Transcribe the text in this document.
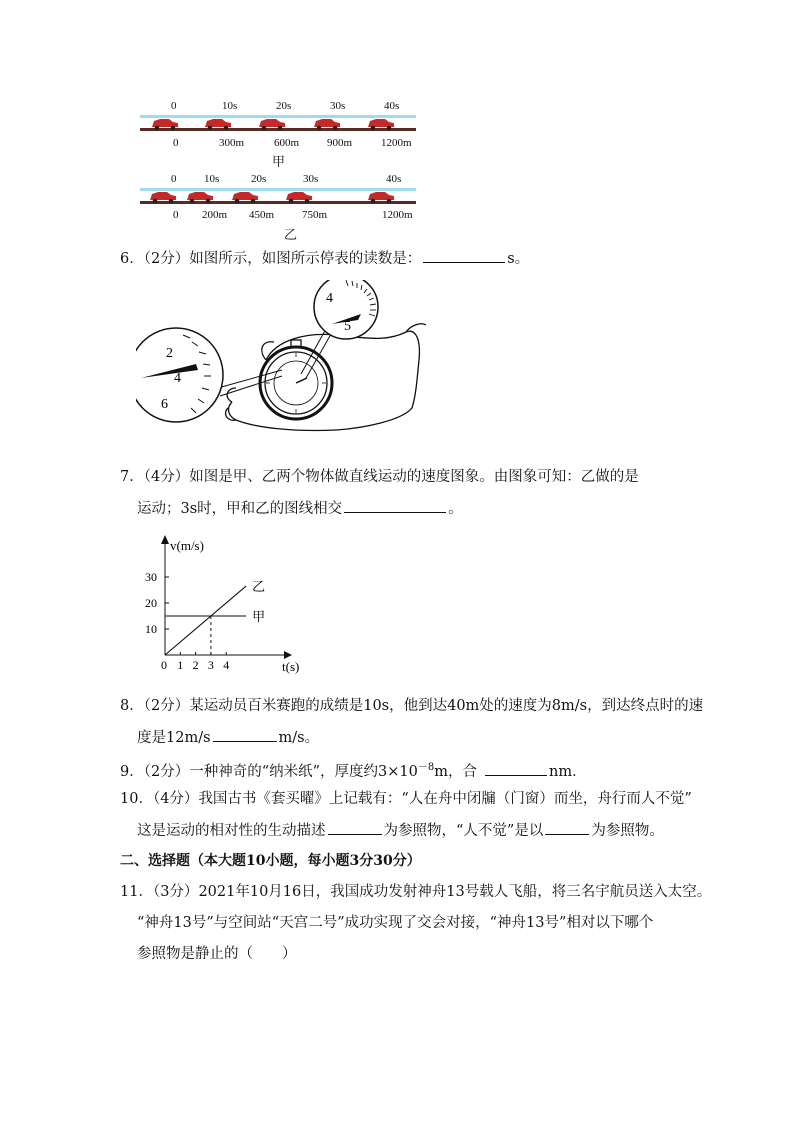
0	10s	20s	30s	40s
0	300m	600m	900m	1200m
甲
0	10s	20s	30s	40s
0 200m 450m	750m	1200m
乙
6．（2分）如图所示，如图所示停表的读数是：	s。
2
4
6
4
5
7．（4分）如图是甲、乙两个物体做直线运动的速度图象。由图象可知：乙做的是
运动；3s时，甲和乙的图线相交	。
v(m/s)
t(s)
0 1 2 3 4
10
20
30
甲
乙
8．（2分）某运动员百米赛跑的成绩是10s，他到达40m处的速度为8m/s，到达终点时的速
度是12m/s	m/s。
9．（2分）一种神奇的“纳米纸”，厚度约$3\times 10^{-8}m$，合	nm．
10．（4分）我国古书《套买曜》上记载有：“人在舟中闭牖（门窗）而坐，舟行而人不觉”
这是运动的相对性的生动描述	为参照物，“人不觉”是以	为参照物。
二、选择题（本大题10小题，每小题3分30分）
11．（3分）2021年10月16日，我国成功发射神舟13号载人飞船，将三名宇航员送入太空。
“神舟13号”与空间站“天宫二号”成功实现了交会对接，“神舟13号”相对以下哪个
参照物是静止的（　　）
